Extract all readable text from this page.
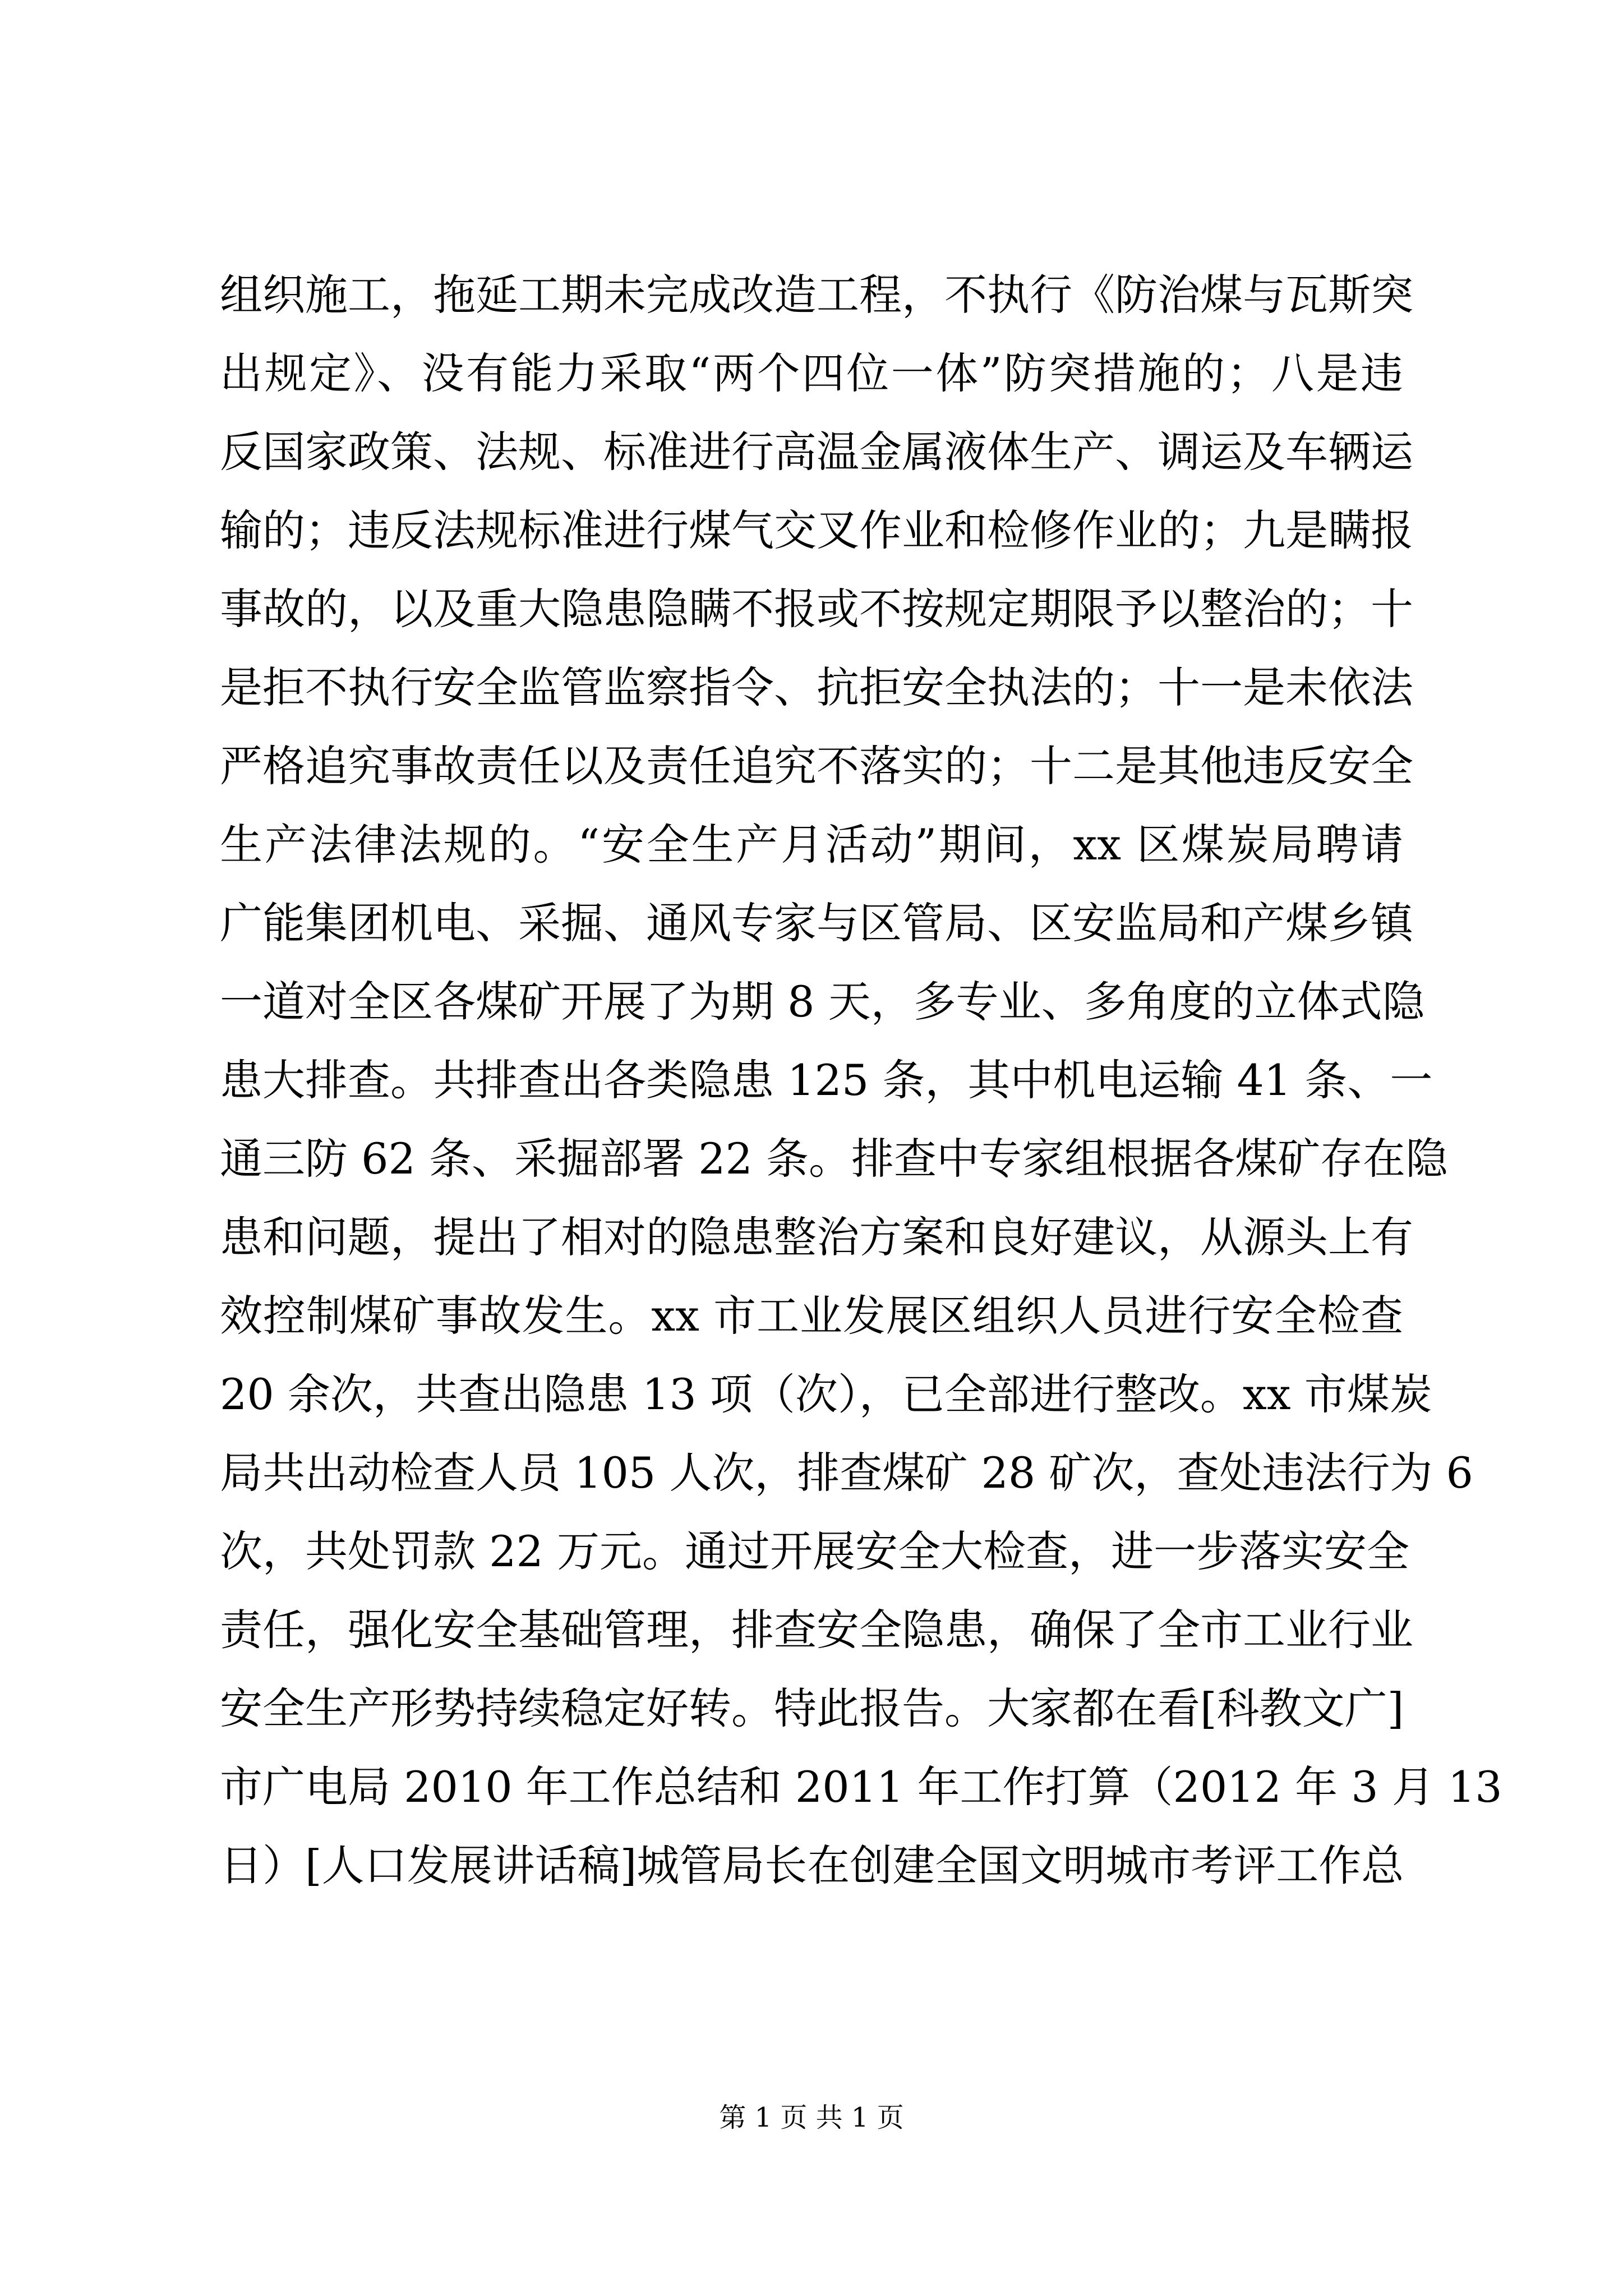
组织施工，拖延工期未完成改造工程，不执行《防治煤与瓦斯突
出规定》、没有能力采取“两个四位一体”防突措施的；八是违
反国家政策、法规、标准进行高温金属液体生产、调运及车辆运
输的；违反法规标准进行煤气交叉作业和检修作业的；九是瞒报
事故的，以及重大隐患隐瞒不报或不按规定期限予以整治的；十
是拒不执行安全监管监察指令、抗拒安全执法的；十一是未依法
严格追究事故责任以及责任追究不落实的；十二是其他违反安全
生产法律法规的。“安全生产月活动”期间，xx 区煤炭局聘请
广能集团机电、采掘、通风专家与区管局、区安监局和产煤乡镇
一道对全区各煤矿开展了为期 8 天，多专业、多角度的立体式隐
患大排查。共排查出各类隐患 125 条，其中机电运输 41 条、一
通三防 62 条、采掘部署 22 条。排查中专家组根据各煤矿存在隐
患和问题，提出了相对的隐患整治方案和良好建议，从源头上有
效控制煤矿事故发生。xx 市工业发展区组织人员进行安全检查
20 余次，共查出隐患 13 项（次），已全部进行整改。xx 市煤炭
局共出动检查人员 105 人次，排查煤矿 28 矿次，查处违法行为 6
次，共处罚款 22 万元。通过开展安全大检查，进一步落实安全
责任，强化安全基础管理，排查安全隐患，确保了全市工业行业
安全生产形势持续稳定好转。特此报告。大家都在看[科教文广]
市广电局 2010 年工作总结和 2011 年工作打算（2012 年 3 月 13
日）[人口发展讲话稿]城管局长在创建全国文明城市考评工作总
第 1 页 共 1 页
